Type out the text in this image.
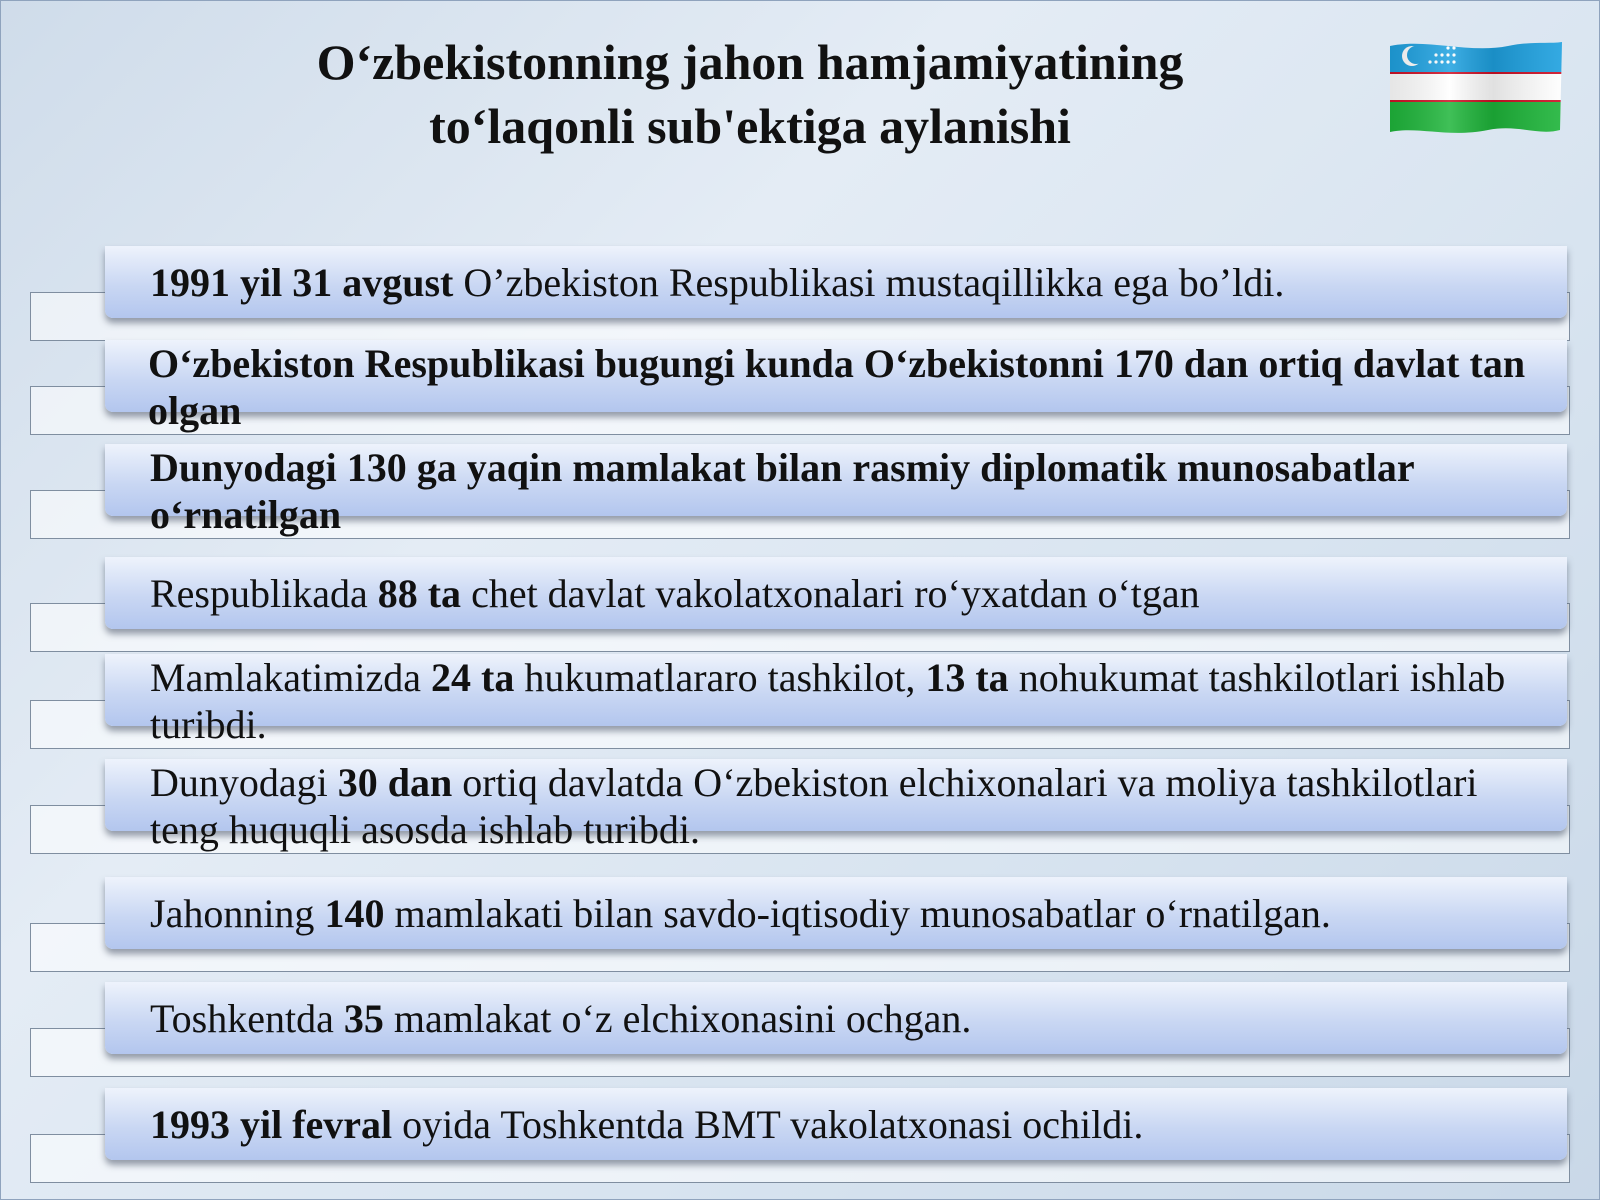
O‘zbekistonning jahon hamjamiyatining
to‘laqonli sub'ektiga aylanishi
1991 yil 31 avgust O’zbekiston Respublikasi mustaqillikka ega bo’ldi.
O‘zbekiston Respublikasi bugungi kunda O‘zbekistonni 170 dan ortiq davlat tan olgan
Dunyodagi 130 ga yaqin mamlakat bilan rasmiy diplomatik munosabatlar o‘rnatilgan
Respublikada 88 ta chet davlat vakolatxonalari ro‘yxatdan o‘tgan
Mamlakatimizda 24 ta hukumatlararo tashkilot, 13 ta nohukumat tashkilotlari ishlab turibdi.
Dunyodagi 30 dan ortiq davlatda O‘zbekiston elchixonalari va moliya tashkilotlari teng huquqli asosda ishlab turibdi.
Jahonning 140 mamlakati bilan savdo-iqtisodiy munosabatlar o‘rnatilgan.
Toshkentda 35 mamlakat o‘z elchixonasini ochgan.
1993 yil fevral oyida Toshkentda BMT vakolatxonasi ochildi.
